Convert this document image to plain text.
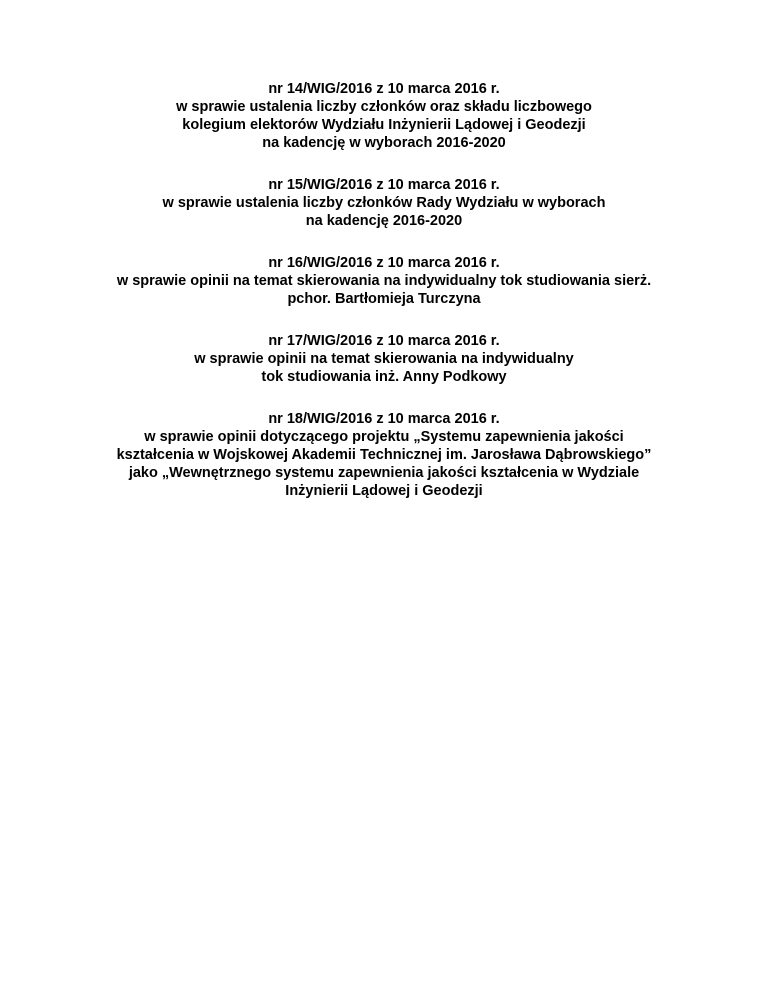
nr 14/WIG/2016 z 10 marca 2016 r.
w sprawie ustalenia liczby członków oraz składu liczbowego
kolegium elektorów Wydziału Inżynierii Lądowej i Geodezji
na kadencję w wyborach 2016-2020
nr 15/WIG/2016 z 10 marca 2016 r.
w sprawie ustalenia liczby członków Rady Wydziału w wyborach
na kadencję 2016-2020
nr 16/WIG/2016 z 10 marca 2016 r.
w sprawie opinii na temat skierowania na indywidualny tok studiowania sierż.
pchor. Bartłomieja Turczyna
nr 17/WIG/2016 z 10 marca 2016 r.
w sprawie opinii na temat skierowania na indywidualny
tok studiowania inż. Anny Podkowy
nr 18/WIG/2016 z 10 marca 2016 r.
w sprawie opinii dotyczącego projektu „Systemu zapewnienia jakości
kształcenia w Wojskowej Akademii Technicznej im. Jarosława Dąbrowskiego”
jako „Wewnętrznego systemu zapewnienia jakości kształcenia w Wydziale
Inżynierii Lądowej i Geodezji
